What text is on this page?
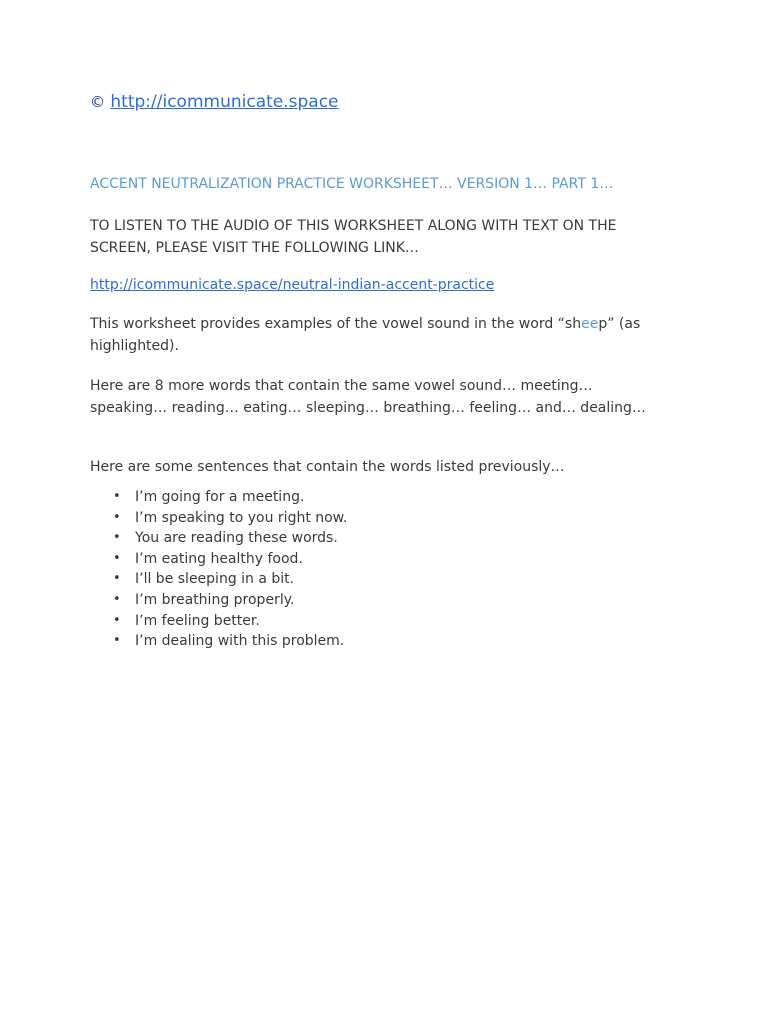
© http://icommunicate.space
ACCENT NEUTRALIZATION PRACTICE WORKSHEET… VERSION 1… PART 1…
TO LISTEN TO THE AUDIO OF THIS WORKSHEET ALONG WITH TEXT ON THE SCREEN, PLEASE VISIT THE FOLLOWING LINK…
http://icommunicate.space/neutral-indian-accent-practice
This worksheet provides examples of the vowel sound in the word “sheep” (as highlighted).
Here are 8 more words that contain the same vowel sound… meeting… speaking… reading… eating… sleeping… breathing… feeling… and… dealing…
Here are some sentences that contain the words listed previously…
• I’m going for a meeting.
• I’m speaking to you right now.
• You are reading these words.
• I’m eating healthy food.
• I’ll be sleeping in a bit.
• I’m breathing properly.
• I’m feeling better.
• I’m dealing with this problem.
